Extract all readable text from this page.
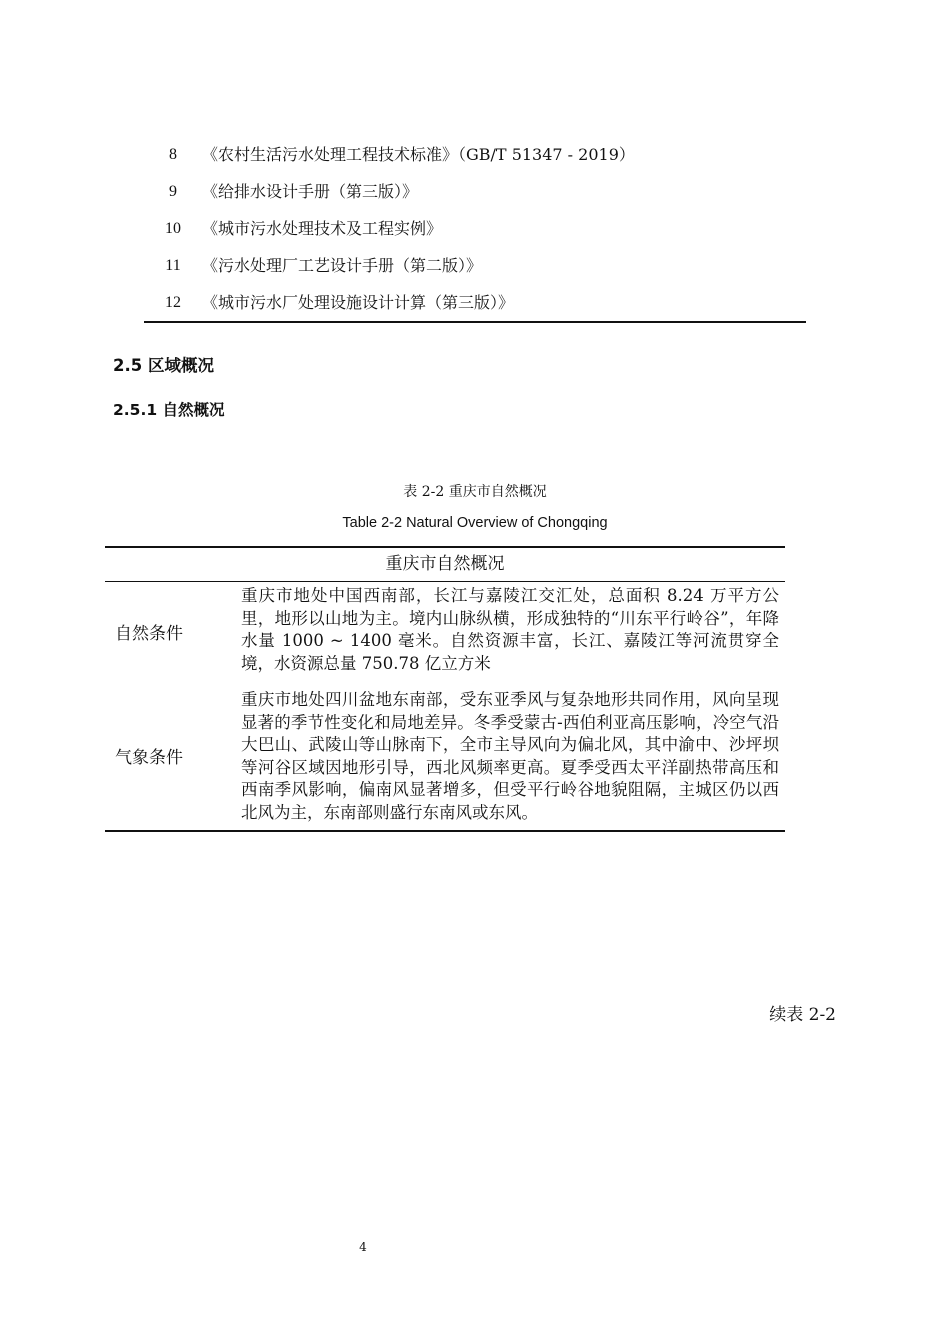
8	《农村生活污水处理工程技术标准》（GB/T 51347 - 2019）
9	《给排水设计手册（第三版）》
10	《城市污水处理技术及工程实例》
11	《污水处理厂工艺设计手册（第二版）》
12	《城市污水厂处理设施设计计算（第三版）》
2.5 区域概况
2.5.1 自然概况
表 2-2 重庆市自然概况
Table 2-2 Natural Overview of Chongqing
重庆市自然概况	
自然条件	重庆市地处中国西南部，长江与嘉陵江交汇处，总面积 8.24 万平方公里，地形以山地为主。境内山脉纵横，形成独特的“川东平行岭谷”，年降水量 1000 ~ 1400 毫米。自然资源丰富，长江、嘉陵江等河流贯穿全境，水资源总量 750.78 亿立方米
气象条件	重庆市地处四川盆地东南部，受东亚季风与复杂地形共同作用，风向呈现显著的季节性变化和局地差异。冬季受蒙古-西伯利亚高压影响，冷空气沿大巴山、武陵山等山脉南下，全市主导风向为偏北风，其中渝中、沙坪坝等河谷区域因地形引导，西北风频率更高。夏季受西太平洋副热带高压和西南季风影响，偏南风显著增多，但受平行岭谷地貌阻隔，主城区仍以西北风为主，东南部则盛行东南风或东风。
续表 2-2
4
